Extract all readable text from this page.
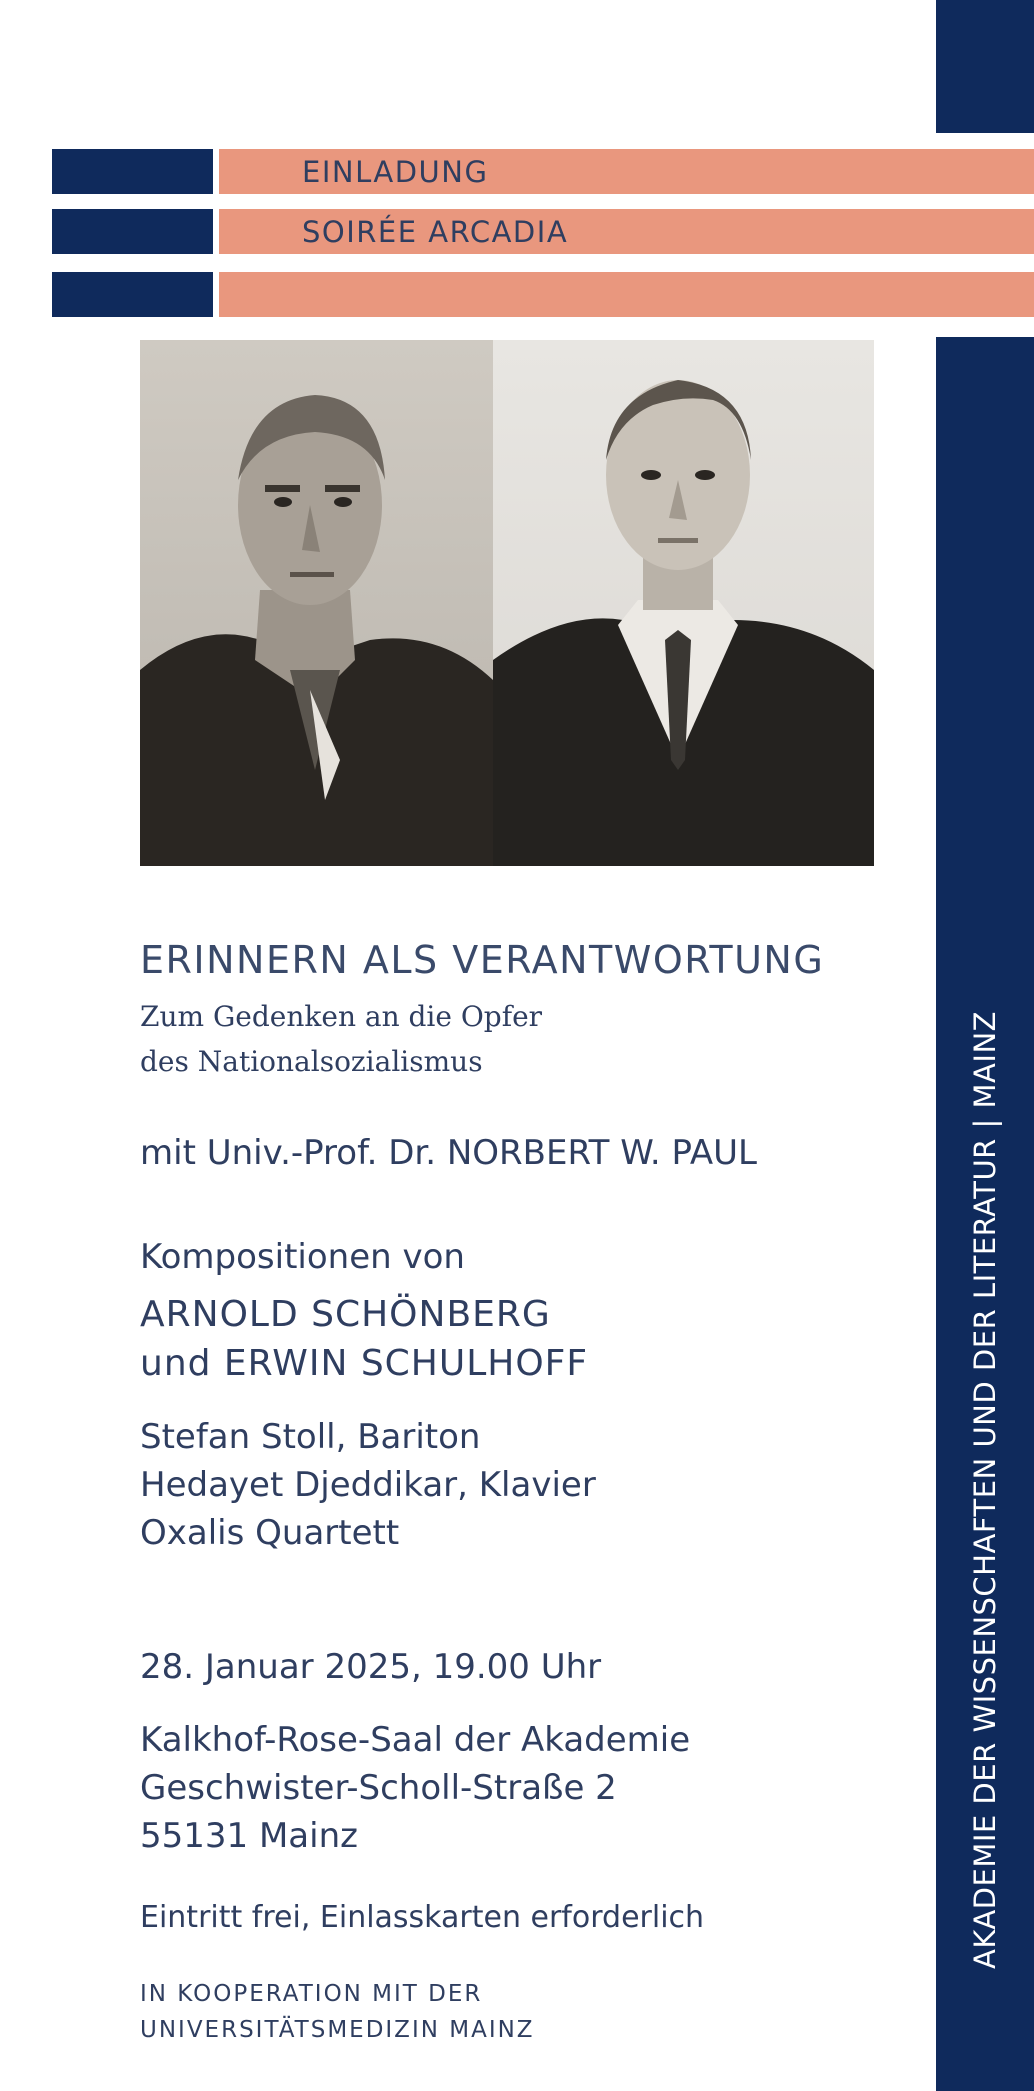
EINLADUNG
SOIRÉE ARCADIA
AKADEMIE DER WISSENSCHAFTEN UND DER LITERATUR | MAINZ
ERINNERN ALS VERANTWORTUNG
Zum Gedenken an die Opfer
des Nationalsozialismus
mit Univ.-Prof. Dr. NORBERT W. PAUL
Kompositionen von
ARNOLD SCHÖNBERG
und ERWIN SCHULHOFF
Stefan Stoll, Bariton
Hedayet Djeddikar, Klavier
Oxalis Quartett
28. Januar 2025, 19.00 Uhr
Kalkhof-Rose-Saal der Akademie
Geschwister-Scholl-Straße 2
55131 Mainz
Eintritt frei, Einlasskarten erforderlich
IN KOOPERATION MIT DER
UNIVERSITÄTSMEDIZIN MAINZ
